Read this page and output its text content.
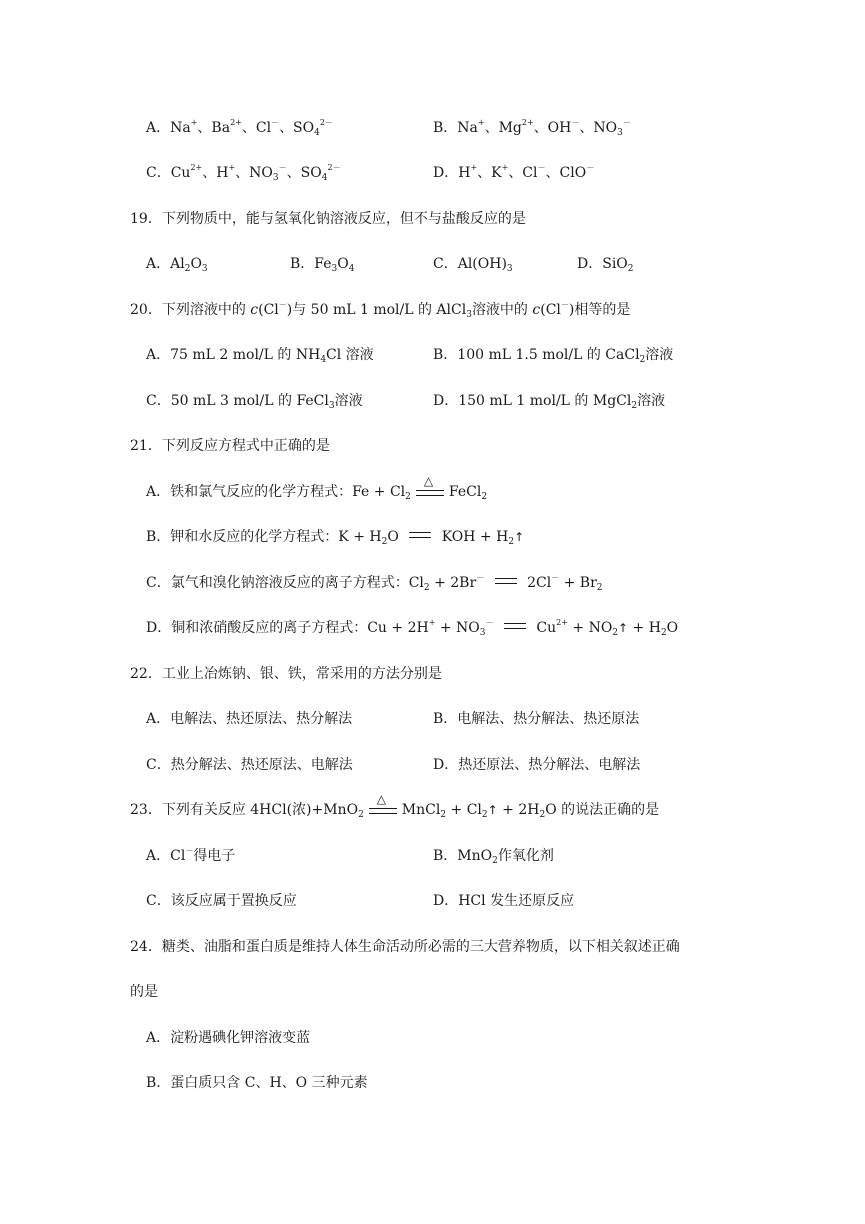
A．Na+、$Ba^{2+}$、Cl－、$SO_4^{2-}$	B．Na+、$Mg^{2+}$、OH－、$NO_3^-$
C．$Cu^{2+}$、H+、$NO_3^-$、$SO_4^{2-}$	D．H+、K+、Cl－、ClO－
19．下列物质中，能与氢氧化钠溶液反应，但不与盐酸反应的是
A．$Al_2O_3$	B．$Fe_3O_4$	C．$Al(OH)_3$	D．SiO$_2$
20．下列溶液中的 c(Cl－)与 50 mL 1 mol/L 的 AlCl$_3$溶液中的 c(Cl－)相等的是
A．75 mL 2 mol/L 的 $NH_4Cl$ 溶液	B．100 mL 1.5 mol/L 的 CaCl$_2$溶液
C．50 mL 3 mol/L 的 FeCl$_3$溶液	D．150 mL 1 mol/L 的 MgCl$_2$溶液
21．下列反应方程式中正确的是
A．铁和氯气反应的化学方程式：$Fe + Cl_2$
△
FeCl$_2$
B．钾和水反应的化学方程式：$K + H_2O$  KOH + $H_2↑$
C．氯气和溴化钠溶液反应的离子方程式：$Cl_2 + 2Br^-$	$2Cl^- + Br_2$
D．铜和浓硝酸反应的离子方程式：$Cu + 2H^+ + NO_3^-$	$Cu^{2+}$ + $NO_2↑ + H_2O$
22．工业上冶炼钠、银、铁，常采用的方法分别是
A．电解法、热还原法、热分解法	B．电解法、热分解法、热还原法
C．热分解法、热还原法、电解法	D．热还原法、热分解法、电解法
23．下列有关反应 4HCl(浓)+MnO$_2$
△
MnCl$_2$ + $Cl_2↑ + 2H_2O$ 的说法正确的是
A．Cl－得电子	B．MnO$_2$作氧化剂
C．该反应属于置换反应	D．HCl 发生还原反应
24．糖类、油脂和蛋白质是维持人体生命活动所必需的三大营养物质，以下相关叙述正确
的是
A．淀粉遇碘化钾溶液变蓝
B．蛋白质只含 C、H、O 三种元素
